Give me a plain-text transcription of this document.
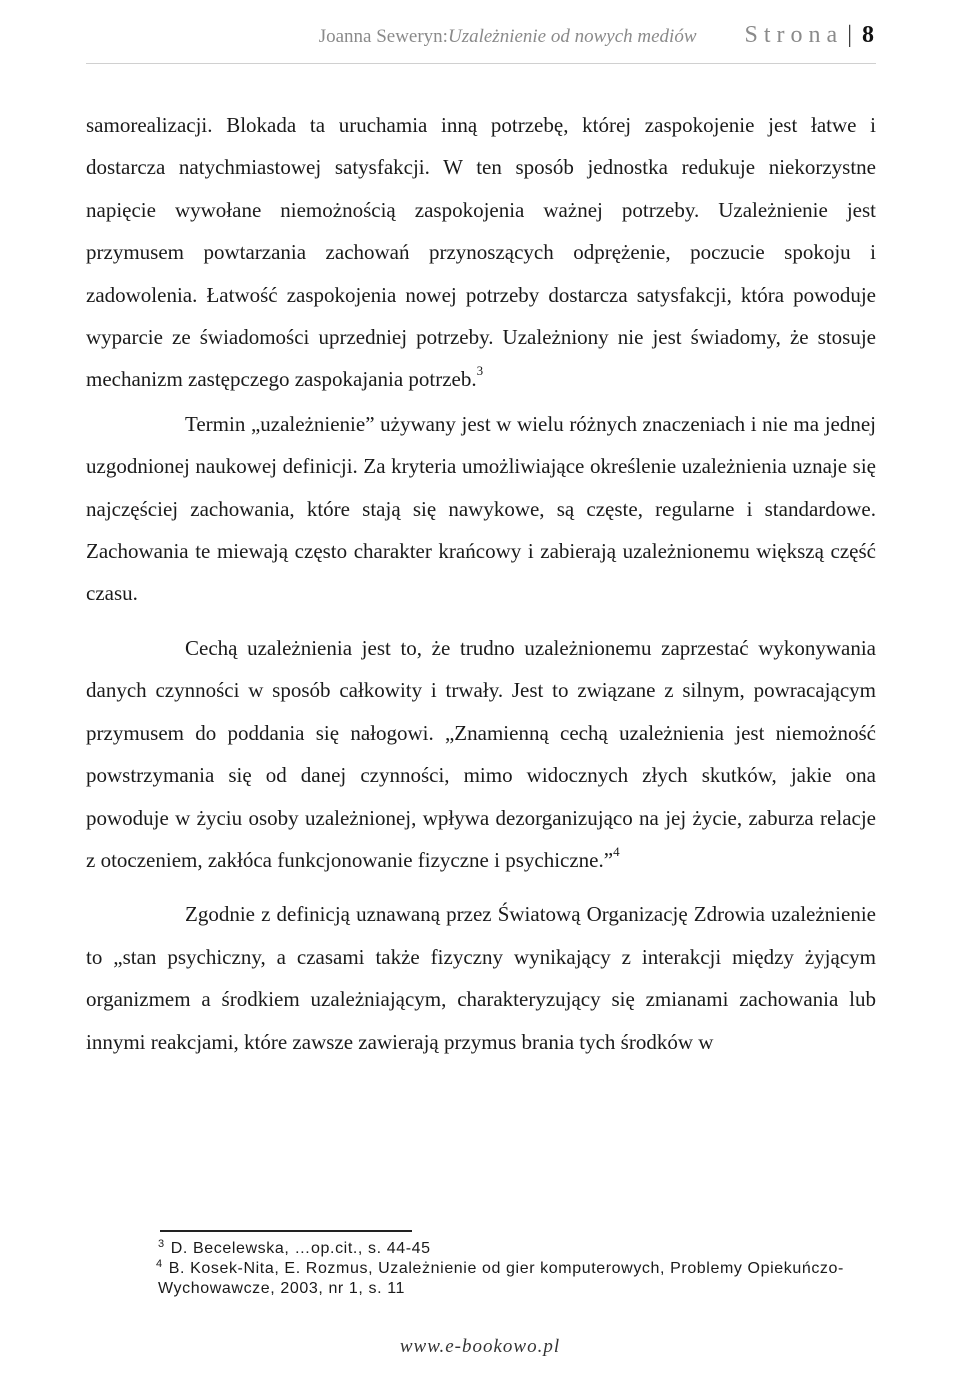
Joanna Seweryn: Uzależnienie od nowych mediów Strona | 8

samorealizacji. Blokada ta uruchamia inną potrzebę, której zaspokojenie jest łatwe i dostarcza natychmiastowej satysfakcji. W ten sposób jednostka redukuje niekorzystne napięcie wywołane niemożnością zaspokojenia ważnej potrzeby. Uzależnienie jest przymusem powtarzania zachowań przynoszących odprężenie, poczucie spokoju i zadowolenia. Łatwość zaspokojenia nowej potrzeby dostarcza satysfakcji, która powoduje wyparcie ze świadomości uprzedniej potrzeby. Uzależniony nie jest świadomy, że stosuje mechanizm zastępczego zaspokajania potrzeb.$^3$

Termin „uzależnienie” używany jest w wielu różnych znaczeniach i nie ma jednej uzgodnionej naukowej definicji. Za kryteria umożliwiające określenie uzależnienia uznaje się najczęściej zachowania, które stają się nawykowe, są częste, regularne i standardowe. Zachowania te miewają często charakter krańcowy i zabierają uzależnionemu większą część czasu.

Cechą uzależnienia jest to, że trudno uzależnionemu zaprzestać wykonywania danych czynności w sposób całkowity i trwały. Jest to związane z silnym, powracającym przymusem do poddania się nałogowi. „Znamienną cechą uzależnienia jest niemożność powstrzymania się od danej czynności, mimo widocznych złych skutków, jakie ona powoduje w życiu osoby uzależnionej, wpływa dezorganizująco na jej życie, zaburza relacje z otoczeniem, zakłóca funkcjonowanie fizyczne i psychiczne.”$^4$

Zgodnie z definicją uznawaną przez Światową Organizację Zdrowia uzależnienie to „stan psychiczny, a czasami także fizyczny wynikający z interakcji między żyjącym organizmem a środkiem uzależniającym, charakteryzujący się zmianami zachowania lub innymi reakcjami, które zawsze zawierają przymus brania tych środków w

$^3$ D. Becelewska, …op.cit., s. 44-45

$^4$ B. Kosek-Nita, E. Rozmus, Uzależnienie od gier komputerowych, Problemy Opiekuńczo-Wychowawcze, 2003, nr 1, s. 11

www.e-bookowo.pl
